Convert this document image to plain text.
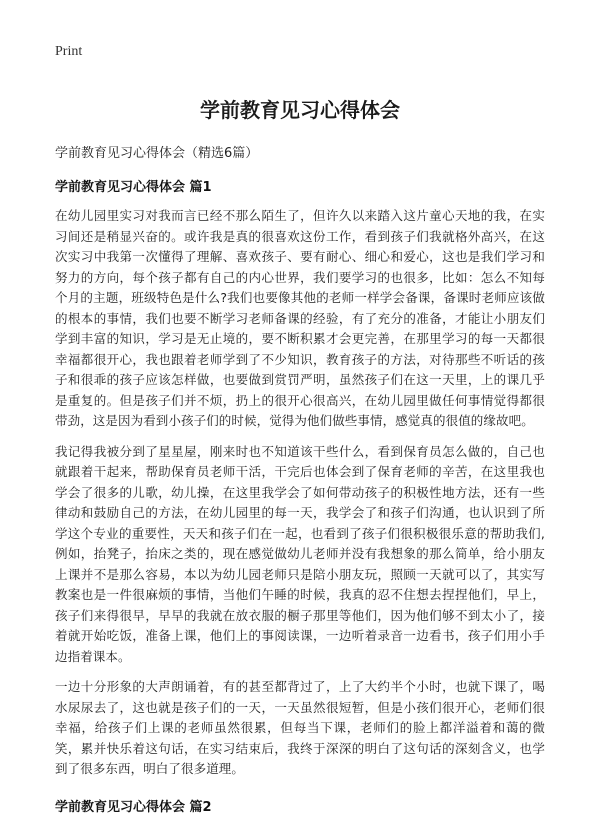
Print
学前教育见习心得体会

学前教育见习心得体会（精选6篇）

学前教育见习心得体会 篇1

在幼儿园里实习对我而言已经不那么陌生了，但许久以来踏入这片童心天地的我，在实习间还是稍显兴奋的。或许我是真的很喜欢这份工作，看到孩子们我就格外高兴，在这次实习中我第一次懂得了理解、喜欢孩子、要有耐心、细心和爱心，这也是我们学习和努力的方向，每个孩子都有自己的内心世界，我们要学习的也很多，比如：怎么不知每个月的主题，班级特色是什么?我们也要像其他的老师一样学会备课，备课时老师应该做的根本的事情，我们也要不断学习老师备课的经验，有了充分的准备，才能让小朋友们学到丰富的知识，学习是无止境的，要不断积累才会更完善，在那里学习的每一天都很幸福都很开心，我也跟着老师学到了不少知识，教育孩子的方法，对待那些不听话的孩子和很乖的孩子应该怎样做，也要做到赏罚严明，虽然孩子们在这一天里，上的课几乎是重复的。但是孩子们并不烦，扔上的很开心很高兴，在幼儿园里做任何事情觉得都很带劲，这是因为看到小孩子们的时候，觉得为他们做些事情，感觉真的很值的缘故吧。

我记得我被分到了星星屋，刚来时也不知道该干些什么，看到保育员怎么做的，自己也就跟着干起来，帮助保育员老师干活，干完后也体会到了保育老师的辛苦，在这里我也学会了很多的儿歌，幼儿操，在这里我学会了如何带动孩子的积极性地方法，还有一些律动和鼓励自己的方法，在幼儿园里的每一天，我学会了和孩子们沟通，也认识到了所学这个专业的重要性，天天和孩子们在一起，也看到了孩子们很积极很乐意的帮助我们,例如，抬凳子，抬床之类的，现在感觉做幼儿老师并没有我想象的那么简单，给小朋友上课并不是那么容易，本以为幼儿园老师只是陪小朋友玩，照顾一天就可以了，其实写教案也是一件很麻烦的事情，当他们午睡的时候，我真的忍不住想去捏捏他们，早上，孩子们来得很早，早早的我就在放衣服的橱子那里等他们，因为他们够不到太小了，接着就开始吃饭，准备上课，他们上的事阅读课，一边听着录音一边看书，孩子们用小手边指着课本。

一边十分形象的大声朗诵着，有的甚至都背过了，上了大约半个小时，也就下课了，喝水尿尿去了，这也就是孩子们的一天，一天虽然很短暂，但是小孩们很开心，老师们很幸福，给孩子们上课的老师虽然很累，但每当下课，老师们的脸上都洋溢着和蔼的微笑，累并快乐着这句话，在实习结束后，我终于深深的明白了这句话的深刻含义，也学到了很多东西，明白了很多道理。

学前教育见习心得体会 篇2
